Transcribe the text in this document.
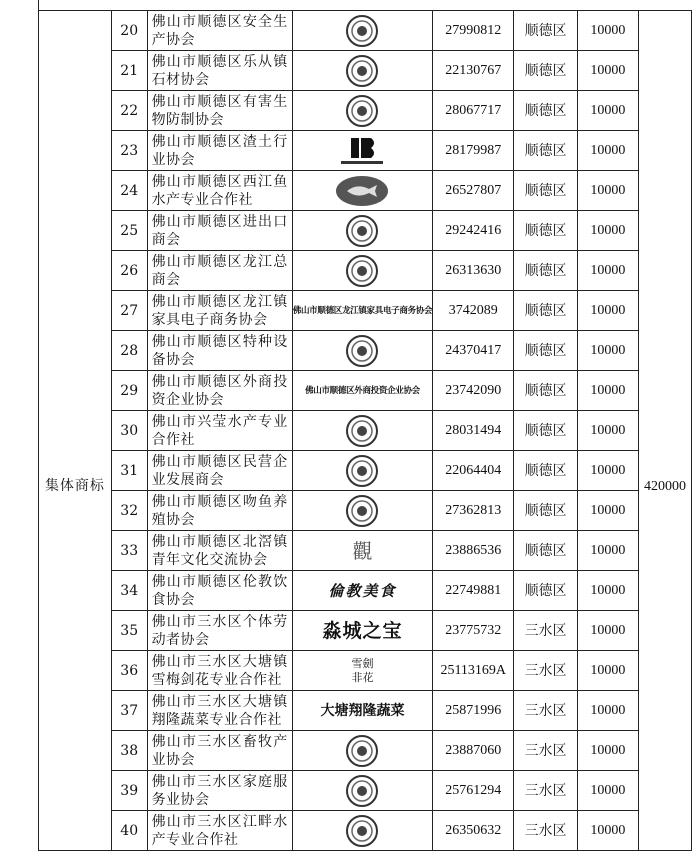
集体商标	20	佛山市顺德区安全生产协会		27990812	顺德区	10000	420000

	21	佛山市顺德区乐从镇石材协会		22130767	顺德区	10000	
	22	佛山市顺德区有害生物防制协会		28067717	顺德区	10000	
	23	佛山市顺德区渣土行业协会		28179987	顺德区	10000	
	24	佛山市顺德区西江鱼水产专业合作社		26527807	顺德区	10000	
	25	佛山市顺德区进出口商会		29242416	顺德区	10000	
	26	佛山市顺德区龙江总商会		26313630	顺德区	10000	
	27	佛山市顺德区龙江镇家具电子商务协会	佛山市顺德区龙江镇家具电子商务协会	3742089	顺德区	10000	
	28	佛山市顺德区特种设备协会		24370417	顺德区	10000	
	29	佛山市顺德区外商投资企业协会	佛山市顺德区外商投资企业协会	23742090	顺德区	10000	
	30	佛山市兴莹水产专业合作社		28031494	顺德区	10000	
	31	佛山市顺德区民营企业发展商会		22064404	顺德区	10000	
	32	佛山市顺德区吻鱼养殖协会		27362813	顺德区	10000	
	33	佛山市顺德区北滘镇青年文化交流协会	觀	23886536	顺德区	10000	
	34	佛山市顺德区伦教饮食协会	倫教美食	22749881	顺德区	10000	
	35	佛山市三水区个体劳动者协会	淼城之宝	23775732	三水区	10000	
	36	佛山市三水区大塘镇雪梅剑花专业合作社	雪劍
非花	25113169A	三水区	10000	
	37	佛山市三水区大塘镇翔隆蔬菜专业合作社	大塘翔隆蔬菜	25871996	三水区	10000	
	38	佛山市三水区畜牧产业协会		23887060	三水区	10000	
	39	佛山市三水区家庭服务业协会		25761294	三水区	10000	
	40	佛山市三水区江畔水产专业合作社		26350632	三水区	10000	
